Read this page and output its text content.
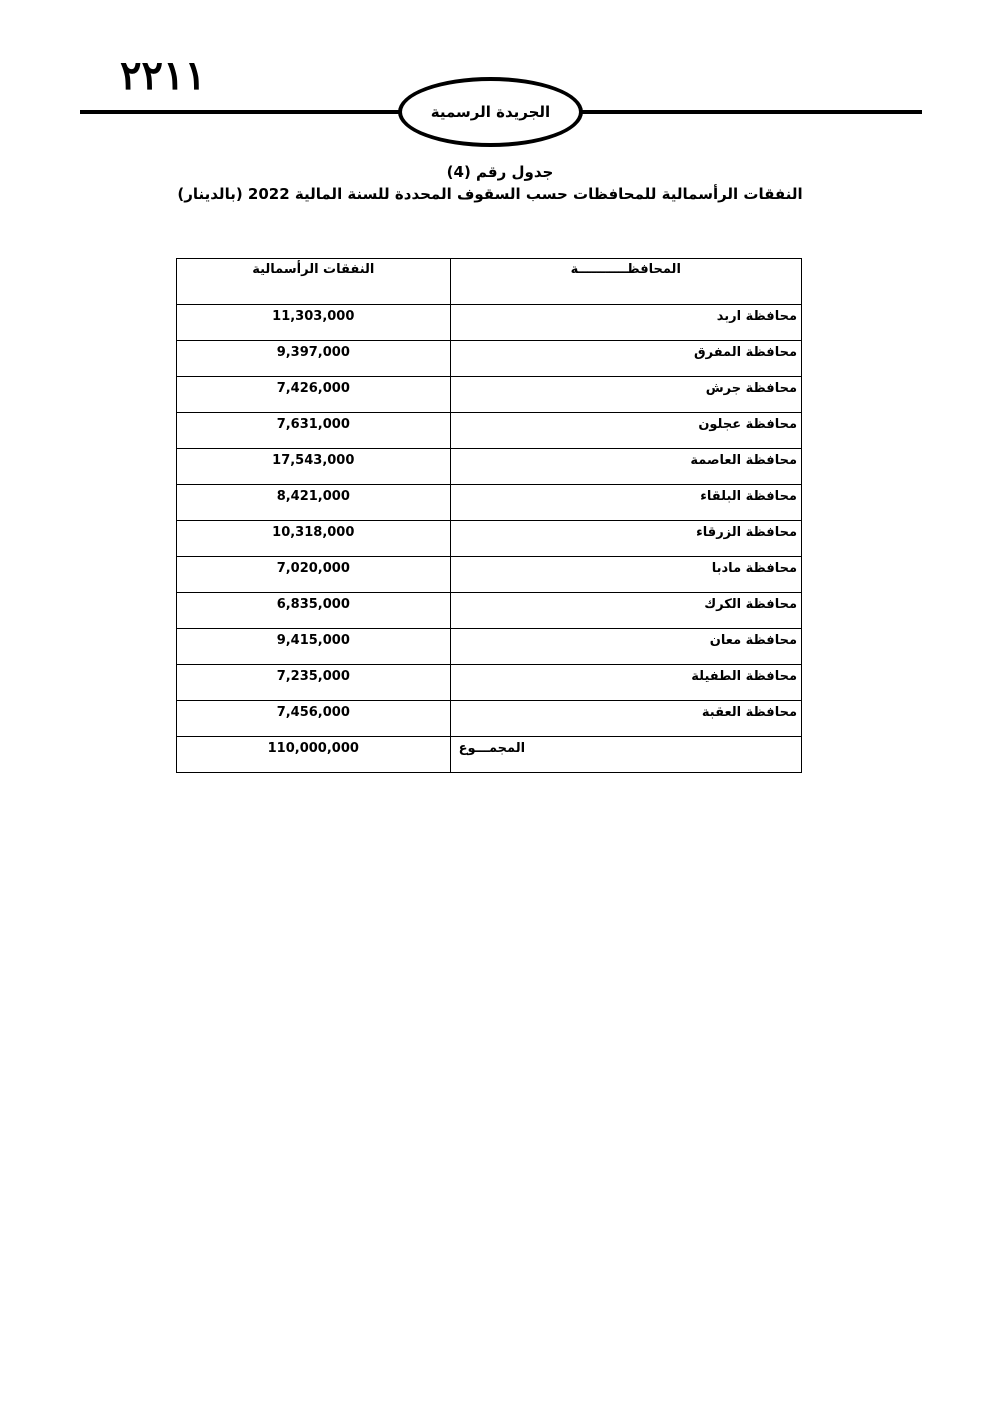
٢٢١١
الجريدة الرسمية
جدول رقم (4)
النفقات الرأسمالية للمحافظات حسب السقوف المحددة للسنة المالية 2022 (بالدينار)
المحافظـــــــــــة	النفقات الرأسمالية
محافظة اربد	11,303,000
محافظة المفرق	9,397,000
محافظة جرش	7,426,000
محافظة عجلون	7,631,000
محافظة العاصمة	17,543,000
محافظة البلقاء	8,421,000
محافظة الزرقاء	10,318,000
محافظة مادبا	7,020,000
محافظة الكرك	6,835,000
محافظة معان	9,415,000
محافظة الطفيلة	7,235,000
محافظة العقبة	7,456,000
المجمـــوع	110,000,000
